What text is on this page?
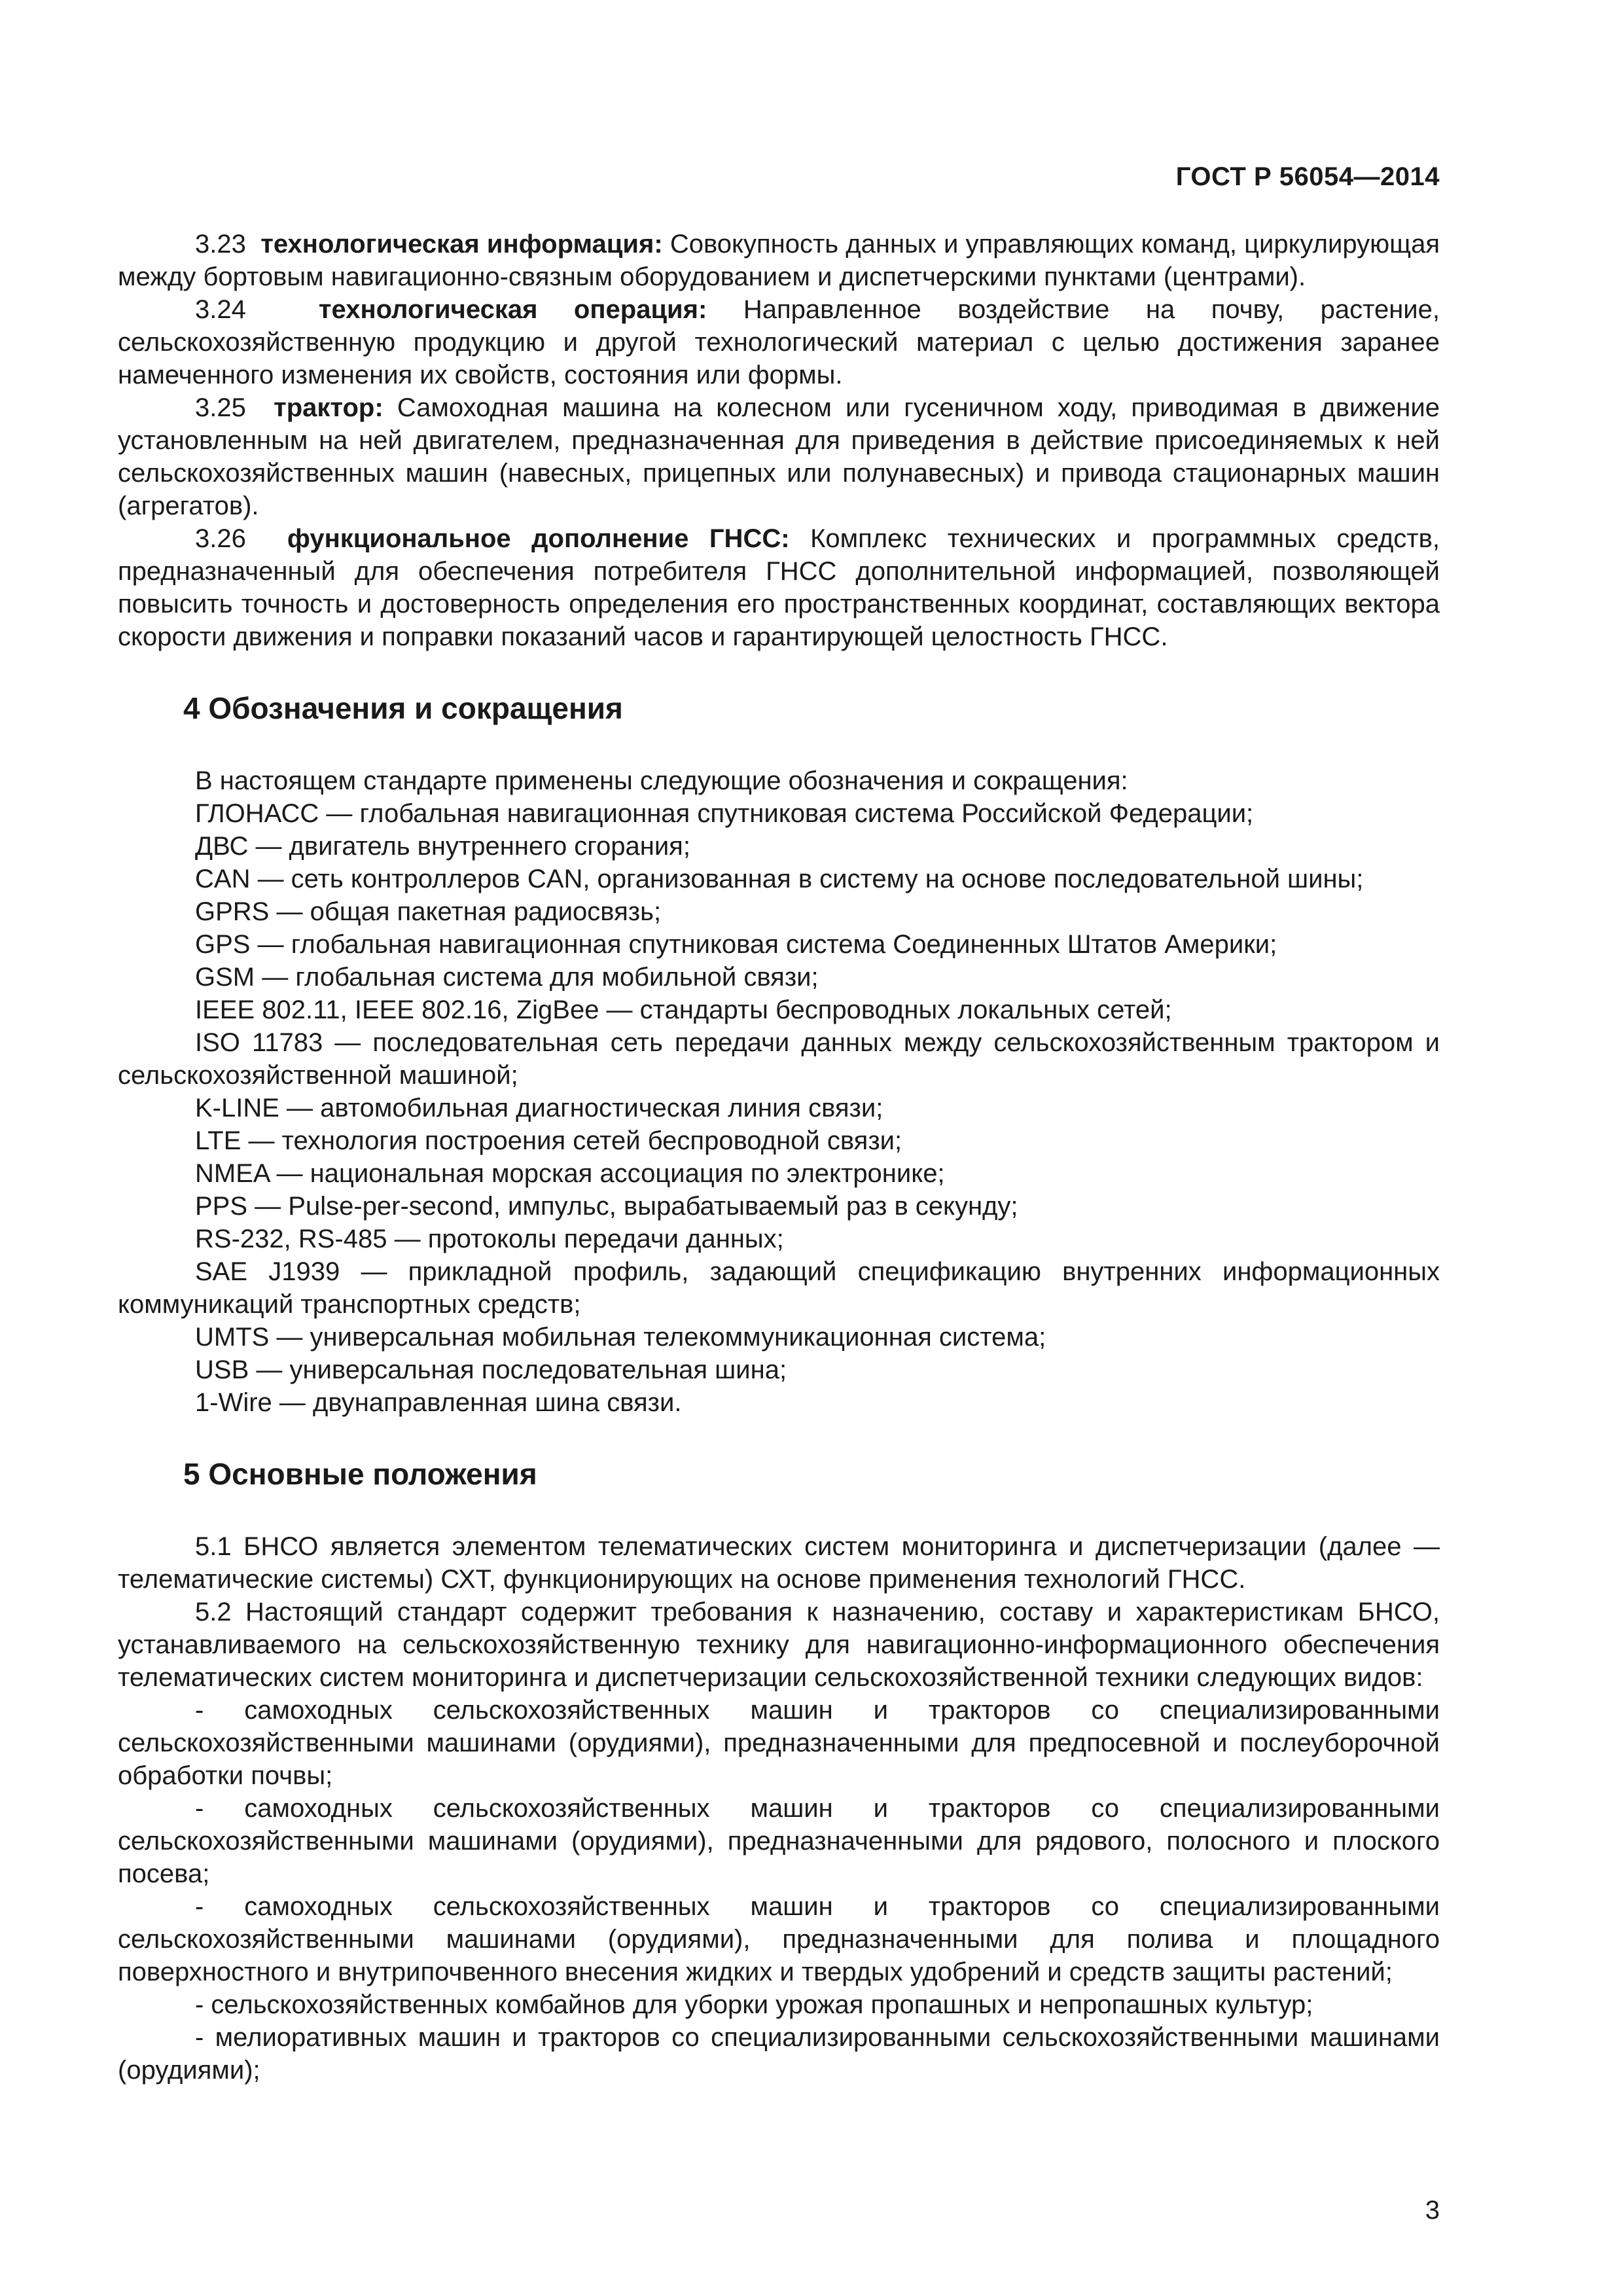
ГОСТ Р 56054—2014

3.23 технологическая информация: Совокупность данных и управляющих команд, циркулирующая между бортовым навигационно-связным оборудованием и диспетчерскими пунктами (центрами).

3.24	технологическая операция: Направленное воздействие на почву, растение, сельскохозяйственную продукцию и другой технологический материал с целью достижения заранее намеченного изменения их свойств, состояния или формы.

3.25 трактор: Самоходная машина на колесном или гусеничном ходу, приводимая в движение установленным на ней двигателем, предназначенная для приведения в действие присоединяемых к ней сельскохозяйственных машин (навесных, прицепных или полунавесных) и привода стационарных машин (агрегатов).

3.26 функциональное дополнение ГНСС: Комплекс технических и программных средств, предназначенный для обеспечения потребителя ГНСС дополнительной информацией, позволяющей повысить точность и достоверность определения его пространственных координат, составляющих вектора скорости движения и поправки показаний часов и гарантирующей целостность ГНСС.

4 Обозначения и сокращения

В настоящем стандарте применены следующие обозначения и сокращения:

ГЛОНАСС — глобальная навигационная спутниковая система Российской Федерации;

ДВС — двигатель внутреннего сгорания;

CAN — сеть контроллеров CAN, организованная в систему на основе последовательной шины;

GPRS — общая пакетная радиосвязь;

GPS — глобальная навигационная спутниковая система Соединенных Штатов Америки;

GSM — глобальная система для мобильной связи;

IEEE 802.11, IEEE 802.16, ZigBee — стандарты беспроводных локальных сетей;

ISO 11783 — последовательная сеть передачи данных между сельскохозяйственным трактором и сельскохозяйственной машиной;

K-LINE — автомобильная диагностическая линия связи;

LTE — технология построения сетей беспроводной связи;

NMEA — национальная морская ассоциация по электронике;

PPS — Pulse-per-second, импульс, вырабатываемый раз в секунду;

RS-232, RS-485 — протоколы передачи данных;

SAE J1939 — прикладной профиль, задающий спецификацию внутренних информационных коммуникаций транспортных средств;

UMTS — универсальная мобильная телекоммуникационная система;

USB — универсальная последовательная шина;

1-Wire — двунаправленная шина связи.

5 Основные положения

5.1 БНСО является элементом телематических систем мониторинга и диспетчеризации (далее — телематические системы) СХТ, функционирующих на основе применения технологий ГНСС.

5.2 Настоящий стандарт содержит требования к назначению, составу и характеристикам БНСО, устанавливаемого на сельскохозяйственную технику для навигационно-информационного обеспечения телематических систем мониторинга и диспетчеризации сельскохозяйственной техники следующих видов:

- самоходных сельскохозяйственных машин и тракторов со специализированными сельскохозяйственными машинами (орудиями), предназначенными для предпосевной и послеуборочной обработки почвы;

- самоходных сельскохозяйственных машин и тракторов со специализированными сельскохозяйственными машинами (орудиями), предназначенными для рядового, полосного и плоского посева;

- самоходных сельскохозяйственных машин и тракторов со специализированными сельскохозяйственными машинами (орудиями), предназначенными для полива и площадного поверхностного и внутрипочвенного внесения жидких и твердых удобрений и средств защиты растений;

- сельскохозяйственных комбайнов для уборки урожая пропашных и непропашных культур;

- мелиоративных машин и тракторов со специализированными сельскохозяйственными машинами (орудиями);

3
